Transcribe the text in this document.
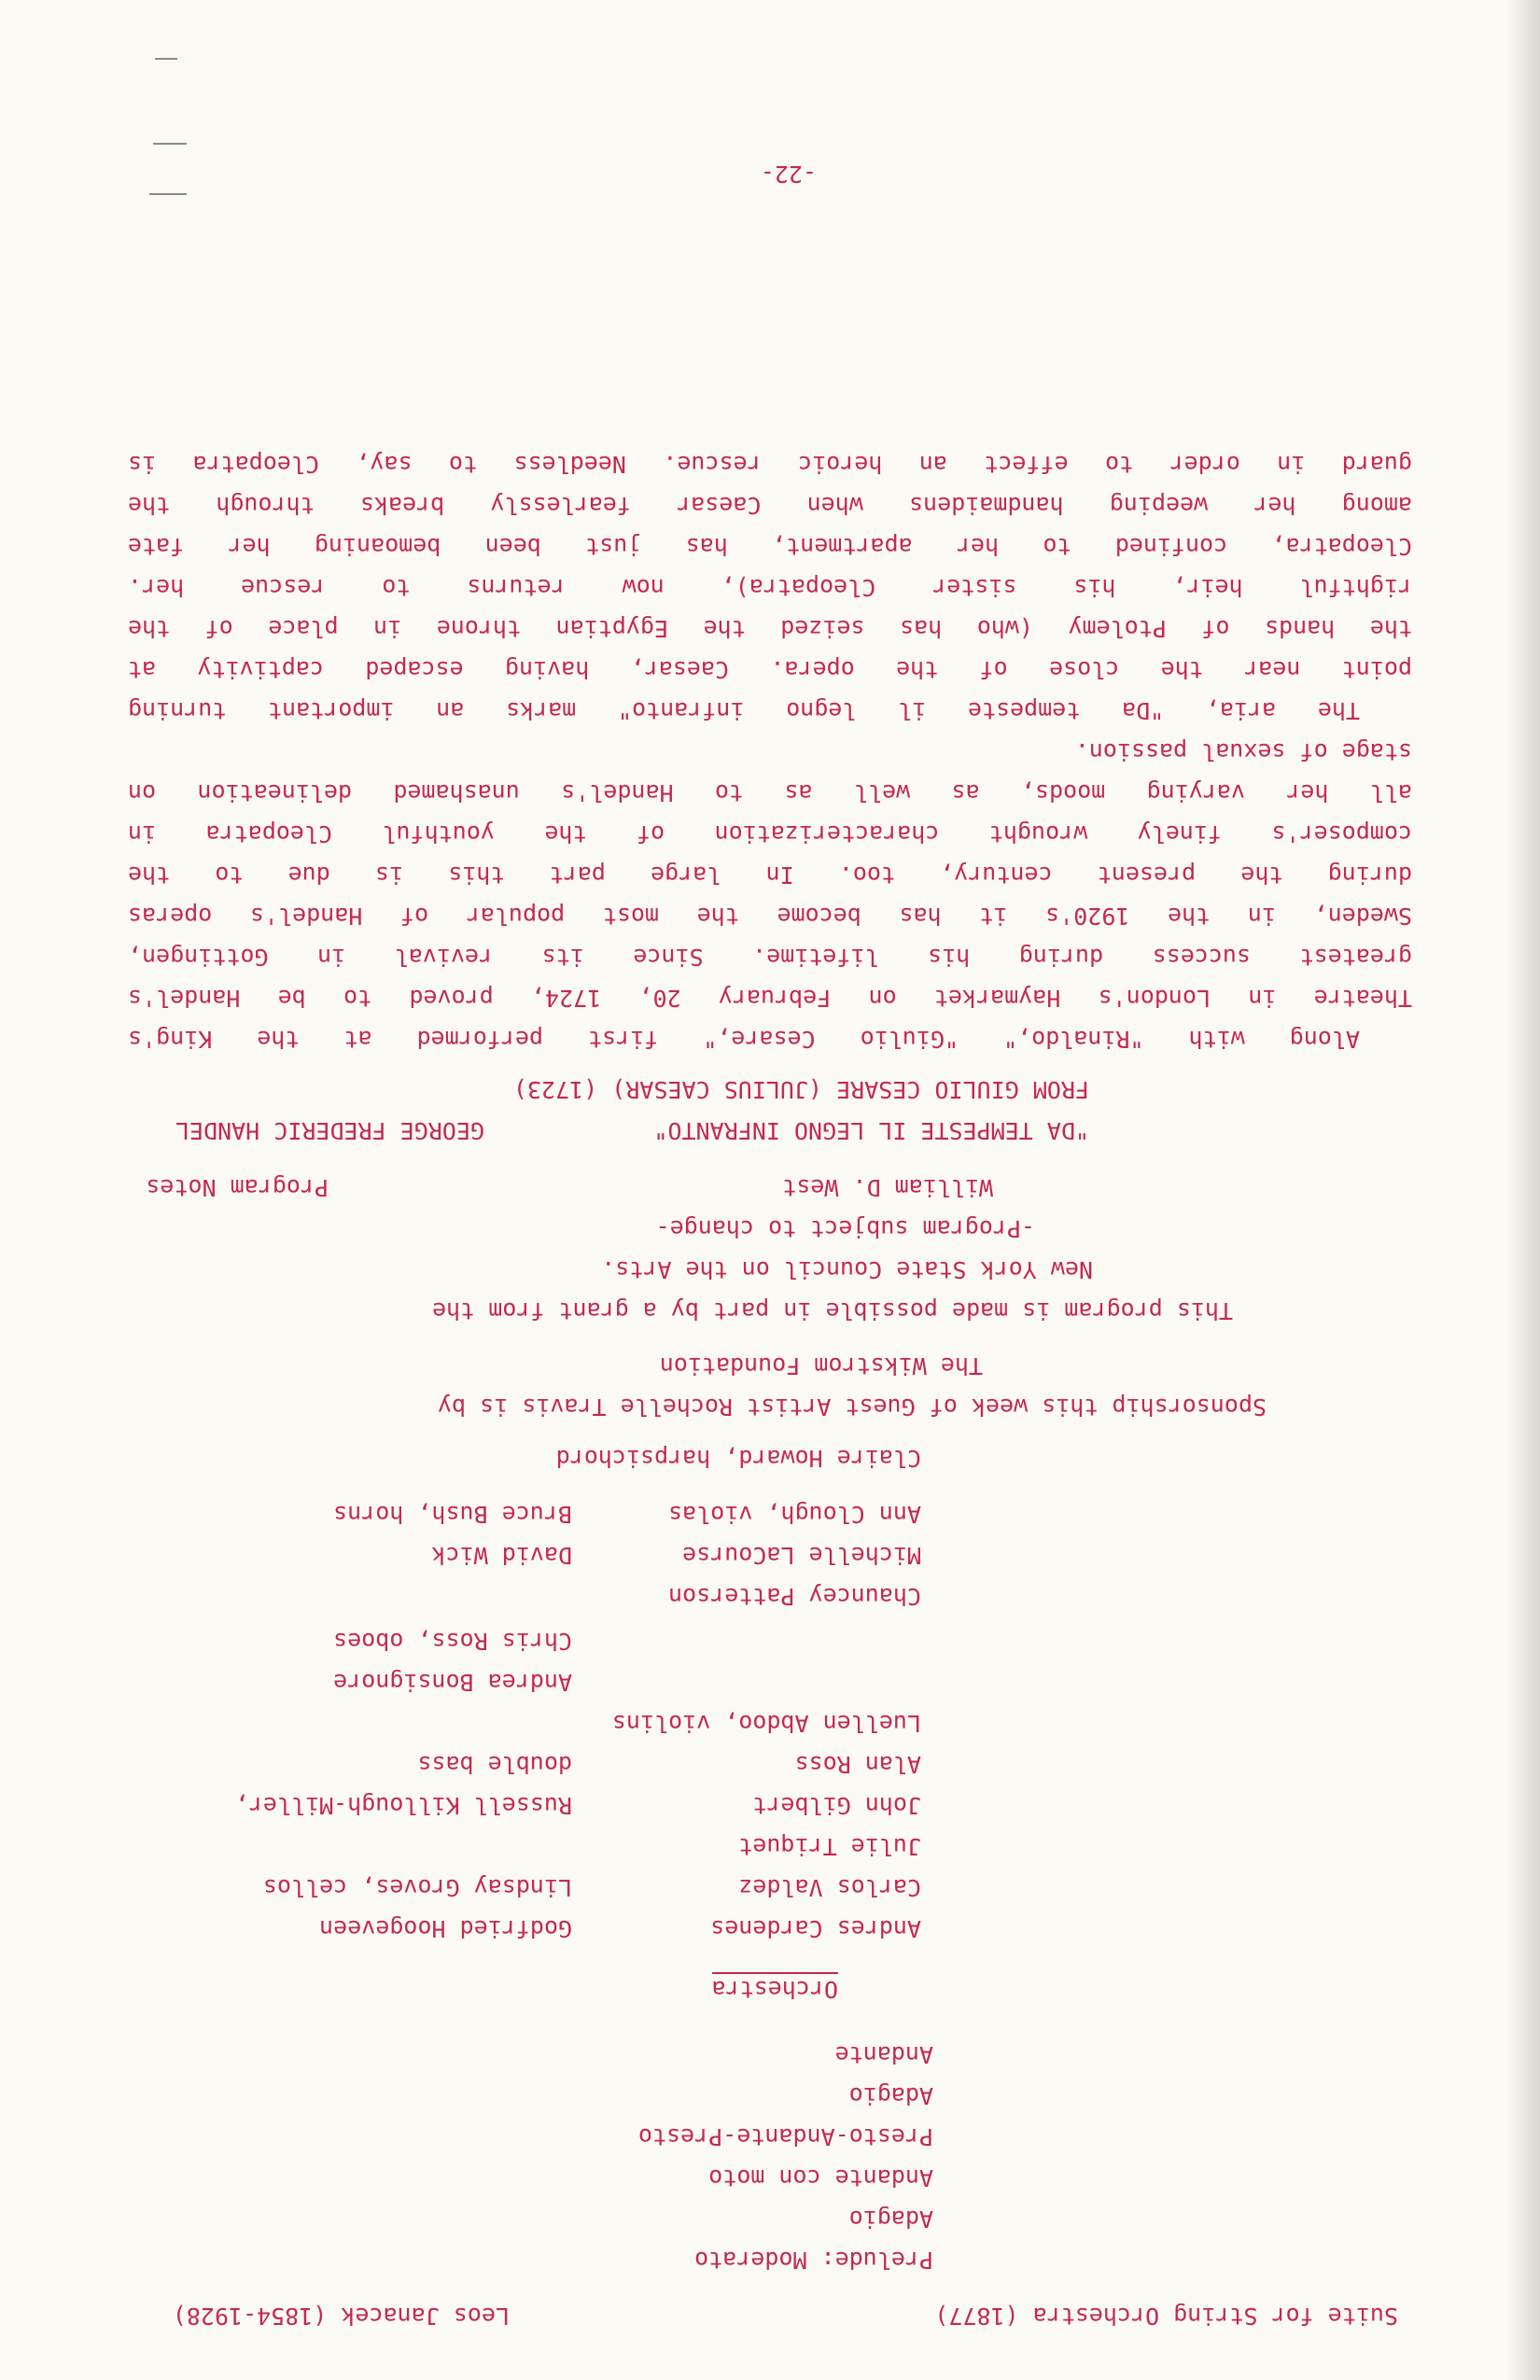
Suite for String Orchestra (1877)
Leos Janacek (1854-1928)
Prelude: Moderato
Adagio
Andante con moto
Presto-Andante-Presto
Adagio
Andante
Orchestra
Andres Cardenes
Carlos Valdez
Julie Triquet
John Gilbert
Alan Ross
Luellen Abdoo, violins
Chauncey Patterson
Michelle LaCourse
Ann Clough, violas
Claire Howard, harpsichord
Godfried Hoogeveen
Lindsay Groves, cellos
Russell Killough-Miller,
double bass
Andrea Bonsignore
Chris Ross, oboes
David Wick
Bruce Bush, horns
Sponsorship this week of Guest Artist Rochelle Travis is by
The Wikstrom Foundation
This program is made possible in part by a grant from the
New York State Council on the Arts.
-Program subject to change-
Program Notes	William D. West
GEORGE FREDERIC HANDEL	"DA TEMPESTE IL LEGNO INFRANTO"
FROM GIULIO CESARE (JULIUS CAESAR) (1723)

Along with "Rinaldo," "Giulio Cesare," first performed at the King's

Theatre in London's Haymarket on February 20, 1724, proved to be Handel's

greatest success during his lifetime. Since its revival in Gottingen,

Sweden, in the 1920's it has become the most popular of Handel's operas

during the present century, too. In large part this is due to the

composer's finely wrought characterization of the youthful Cleopatra in

all her varying moods, as well as to Handel's unashamed delineation on

stage of sexual passion.

The aria, "Da tempeste il legno infranto" marks an important turning

point near the close of the opera. Caesar, having escaped captivity at

the hands of Ptolemy (who has seized the Egyptian throne in place of the

rightful heir, his sister Cleopatra), now returns to rescue her.

Cleopatra, confined to her apartment, has just been bemoaning her fate

among her weeping handmaidens when Caesar fearlessly breaks through the

guard in order to effect an heroic rescue. Needless to say, Cleopatra is

-22-
